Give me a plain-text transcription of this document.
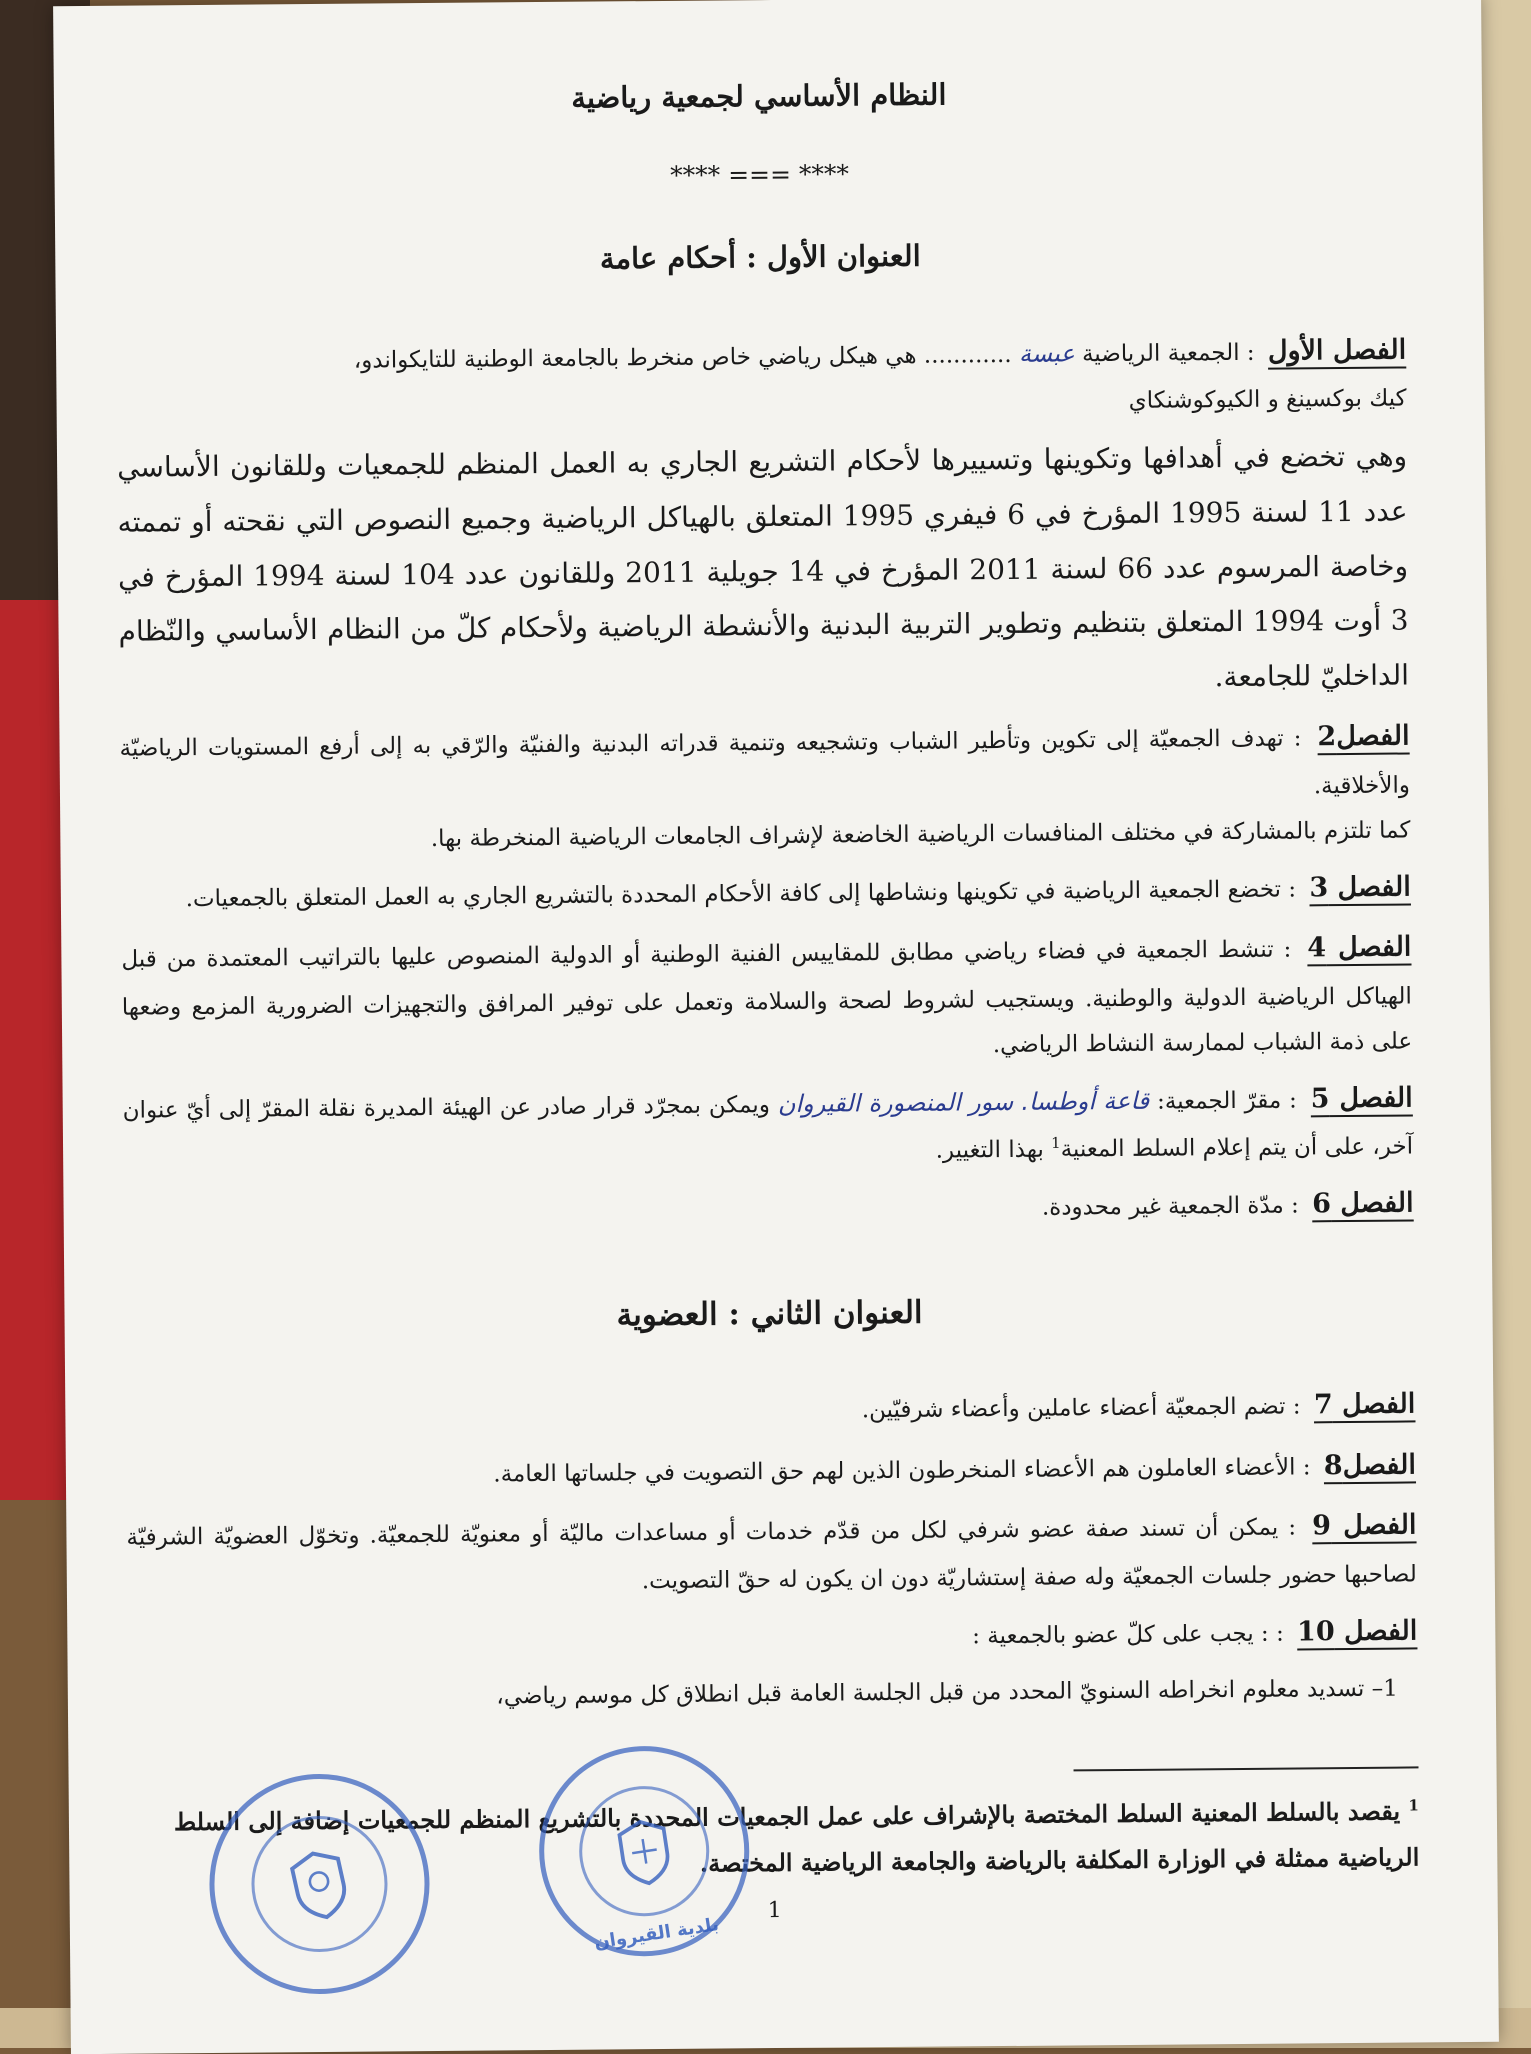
النظام الأساسي لجمعية رياضية
**** === ****
العنوان الأول : أحكام عامة

الفصل الأول : الجمعية الرياضية عبسة ............ هي هيكل رياضي خاص منخرط بالجامعة الوطنية للتايكواندو،
كيك بوكسينغ و الكيوكوشنكاي

وهي تخضع في أهدافها وتكوينها وتسييرها لأحكام التشريع الجاري به العمل المنظم للجمعيات وللقانون الأساسي عدد 11 لسنة 1995 المؤرخ في 6 فيفري 1995 المتعلق بالهياكل الرياضية وجميع النصوص التي نقحته أو تممته وخاصة المرسوم عدد 66 لسنة 2011 المؤرخ في 14 جويلية 2011 وللقانون عدد 104 لسنة 1994 المؤرخ في 3 أوت 1994 المتعلق بتنظيم وتطوير التربية البدنية والأنشطة الرياضية ولأحكام كلّ من النظام الأساسي والنّظام الداخليّ للجامعة.

الفصل2 : تهدف الجمعيّة إلى تكوين وتأطير الشباب وتشجيعه وتنمية قدراته البدنية والفنيّة والرّقي به إلى أرفع المستويات الرياضيّة والأخلاقية.
كما تلتزم بالمشاركة في مختلف المنافسات الرياضية الخاضعة لإشراف الجامعات الرياضية المنخرطة بها.

الفصل 3 : تخضع الجمعية الرياضية في تكوينها ونشاطها إلى كافة الأحكام المحددة بالتشريع الجاري به العمل المتعلق بالجمعيات.

الفصل 4 : تنشط الجمعية في فضاء رياضي مطابق للمقاييس الفنية الوطنية أو الدولية المنصوص عليها بالتراتيب المعتمدة من قبل الهياكل الرياضية الدولية والوطنية. ويستجيب لشروط لصحة والسلامة وتعمل على توفير المرافق والتجهيزات الضرورية المزمع وضعها على ذمة الشباب لممارسة النشاط الرياضي.

الفصل 5 : مقرّ الجمعية: قاعة أوطسا. سور المنصورة القيروان ويمكن بمجرّد قرار صادر عن الهيئة المديرة نقلة المقرّ إلى أيّ عنوان آخر، على أن يتم إعلام السلط المعنية$^1$ بهذا التغيير.

الفصل 6 : مدّة الجمعية غير محدودة.

العنوان الثاني : العضوية

الفصل 7 : تضم الجمعيّة أعضاء عاملين وأعضاء شرفيّين.

الفصل8 : الأعضاء العاملون هم الأعضاء المنخرطون الذين لهم حق التصويت في جلساتها العامة.

الفصل 9 : يمكن أن تسند صفة عضو شرفي لكل من قدّم خدمات أو مساعدات ماليّة أو معنويّة للجمعيّة. وتخوّل العضويّة الشرفيّة لصاحبها حضور جلسات الجمعيّة وله صفة إستشاريّة دون ان يكون له حقّ التصويت.

الفصل 10 : : يجب على كلّ عضو بالجمعية :

1– تسديد معلوم انخراطه السنويّ المحدد من قبل الجلسة العامة قبل انطلاق كل موسم رياضي،
$^1$ يقصد بالسلط المعنية السلط المختصة بالإشراف على عمل الجمعيات المحددة بالتشريع المنظم للجمعيات إضافة إلى السلط الرياضية ممثلة في الوزارة المكلفة بالرياضة والجامعة الرياضية المختصة.
1
بلدية القيروان
